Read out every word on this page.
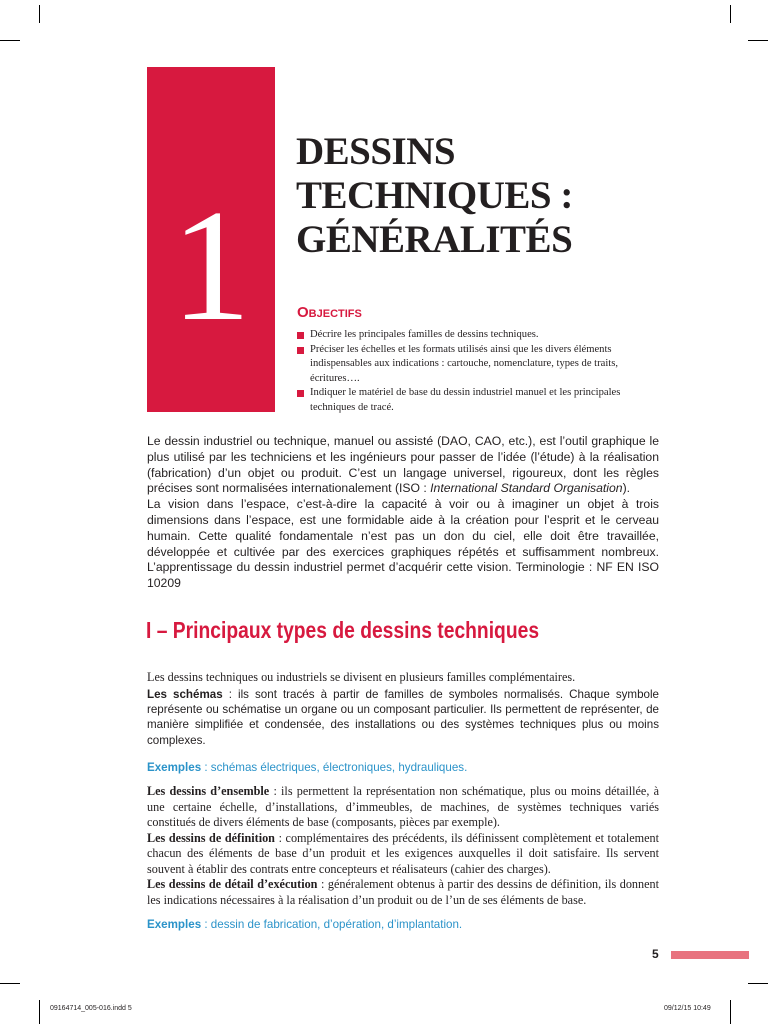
1
DESSINS
TECHNIQUES :
GÉNÉRALITÉS
OBJECTIFS
Décrire les principales familles de dessins techniques.
Préciser les échelles et les formats utilisés ainsi que les divers éléments indispensables aux indications : cartouche, nomenclature, types de traits, écritures….
Indiquer le matériel de base du dessin industriel manuel et les principales techniques de tracé.

Le dessin industriel ou technique, manuel ou assisté (DAO, CAO, etc.), est l’outil graphique le plus utilisé par les techniciens et les ingénieurs pour passer de l’idée (l’étude) à la réalisation (fabrication) d’un objet ou produit. C’est un langage universel, rigoureux, dont les règles précises sont normalisées internationalement (ISO : International Standard Organisation).

La vision dans l’espace, c’est-à-dire la capacité à voir ou à imaginer un objet à trois dimensions dans l’espace, est une formidable aide à la création pour l’esprit et le cerveau humain. Cette qualité fondamentale n’est pas un don du ciel, elle doit être travaillée, développée et cultivée par des exercices graphiques répétés et suffisamment nombreux. L’apprentissage du dessin industriel permet d’acquérir cette vision. Terminologie : NF EN ISO 10209

I – Principaux types de dessins techniques

Les dessins techniques ou industriels se divisent en plusieurs familles complémentaires.

Les schémas : ils sont tracés à partir de familles de symboles normalisés. Chaque symbole représente ou schématise un organe ou un composant particulier. Ils permettent de représenter, de manière simplifiée et condensée, des installations ou des systèmes techniques plus ou moins complexes.

Exemples : schémas électriques, électroniques, hydrauliques.

Les dessins d’ensemble : ils permettent la représentation non schématique, plus ou moins détaillée, à une certaine échelle, d’installations, d’immeubles, de machines, de systèmes techniques variés constitués de divers éléments de base (composants, pièces par exemple).

Les dessins de définition : complémentaires des précédents, ils définissent complètement et totalement chacun des éléments de base d’un produit et les exigences auxquelles il doit satisfaire. Ils servent souvent à établir des contrats entre concepteurs et réalisateurs (cahier des charges).

Les dessins de détail d’exécution : généralement obtenus à partir des dessins de définition, ils donnent les indications nécessaires à la réalisation d’un produit ou de l’un de ses éléments de base.

Exemples : dessin de fabrication, d’opération, d’implantation.
5
09164714_005-016.indd 5	09/12/15 10:49
